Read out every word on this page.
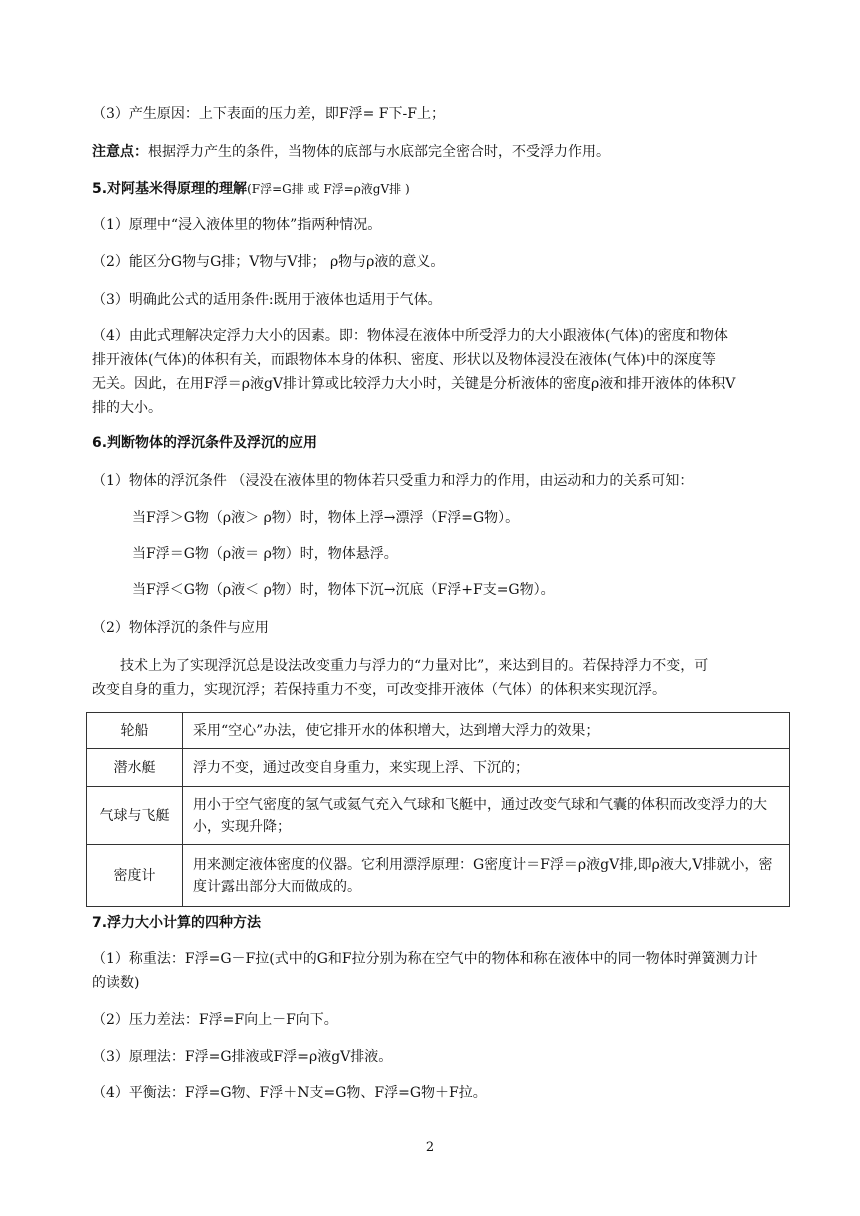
（3）产生原因：上下表面的压力差，即F浮= F下-F上；
注意点：根据浮力产生的条件，当物体的底部与水底部完全密合时，不受浮力作用。
5.对阿基米得原理的理解(F浮=G排 或 F浮=ρ液gV排 )
（1）原理中“浸入液体里的物体”指两种情况。
（2）能区分G物与G排；V物与V排； ρ物与ρ液的意义。
（3）明确此公式的适用条件:既用于液体也适用于气体。
（4）由此式理解决定浮力大小的因素。即：物体浸在液体中所受浮力的大小跟液体(气体)的密度和物体
排开液体(气体)的体积有关，而跟物体本身的体积、密度、形状以及物体浸没在液体(气体)中的深度等
无关。因此，在用F浮＝ρ液gV排计算或比较浮力大小时，关键是分析液体的密度ρ液和排开液体的体积V
排的大小。
6.判断物体的浮沉条件及浮沉的应用
（1）物体的浮沉条件 （浸没在液体里的物体若只受重力和浮力的作用，由运动和力的关系可知：
当F浮＞G物（ρ液＞ ρ物）时，物体上浮→漂浮（F浮=G物）。
当F浮＝G物（ρ液＝ ρ物）时，物体悬浮。
当F浮＜G物（ρ液＜ ρ物）时，物体下沉→沉底（F浮+F支=G物）。
（2）物体浮沉的条件与应用
技术上为了实现浮沉总是设法改变重力与浮力的“力量对比”，来达到目的。若保持浮力不变，可
改变自身的重力，实现沉浮；若保持重力不变，可改变排开液体（气体）的体积来实现沉浮。
轮船	采用“空心”办法，使它排开水的体积增大，达到增大浮力的效果；
潜水艇	浮力不变，通过改变自身重力，来实现上浮、下沉的；
气球与飞艇	用小于空气密度的氢气或氦气充入气球和飞艇中，通过改变气球和气囊的体积而改变浮力的大小，实现升降；
密度计	用来测定液体密度的仪器。它利用漂浮原理：G密度计＝F浮＝ρ液gV排,即ρ液大,V排就小，密度计露出部分大而做成的。
7.浮力大小计算的四种方法
（1）称重法：F浮=G－F拉(式中的G和F拉分别为称在空气中的物体和称在液体中的同一物体时弹簧测力计
的读数)
（2）压力差法：F浮=F向上－F向下。
（3）原理法：F浮=G排液或F浮=ρ液gV排液。
（4）平衡法：F浮=G物、F浮＋N支=G物、F浮=G物＋F拉。
2
